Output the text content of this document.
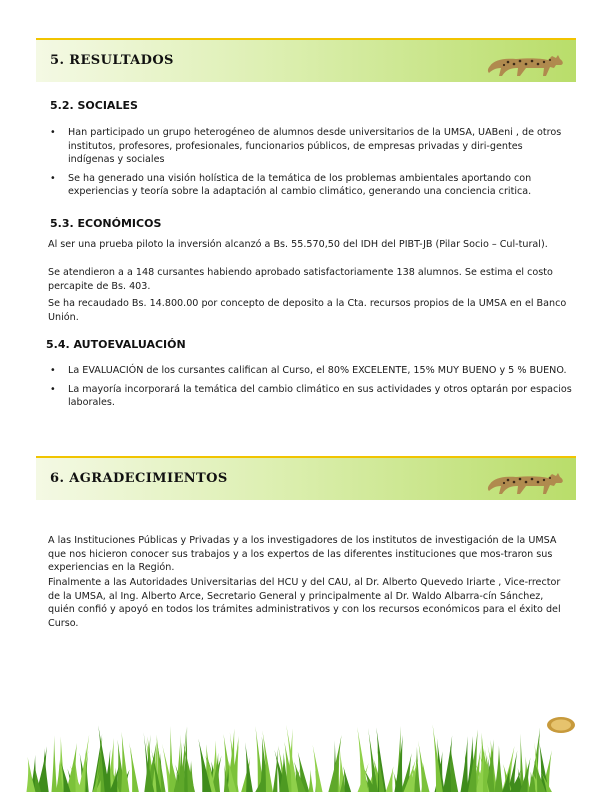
5. RESULTADOS
5.2. SOCIALES
• Han participado un grupo heterogéneo de alumnos desde universitarios de la UMSA, UABeni , de otros institutos, profesores, profesionales, funcionarios públicos, de empresas privadas y diri-gentes indígenas y sociales
• Se ha generado una visión holística de la temática de los problemas ambientales aportando con experiencias y teoría sobre la adaptación al cambio climático, generando una conciencia critica.
5.3. ECONÓMICOS
Al ser una prueba piloto la inversión alcanzó a Bs. 55.570,50 del IDH del PIBT-JB (Pilar Socio – Cul-tural).
Se atendieron a a 148 cursantes habiendo aprobado satisfactoriamente 138 alumnos. Se estima el costo percapite de Bs. 403.
Se ha recaudado Bs. 14.800.00 por concepto de deposito a la Cta. recursos propios de la UMSA en el Banco Unión.
5.4. AUTOEVALUACIÓN
• La EVALUACIÓN de los cursantes califican al Curso, el 80% EXCELENTE, 15% MUY BUENO y 5 % BUENO.
• La mayoría incorporará la temática del cambio climático en sus actividades y otros optarán por espacios laborales.
6. AGRADECIMIENTOS
A las Instituciones Públicas y Privadas y a los investigadores de los institutos de investigación de la UMSA que nos hicieron conocer sus trabajos y a los expertos de las diferentes instituciones que mos-traron sus experiencias en la Región.
Finalmente a las Autoridades Universitarias del HCU y del CAU, al Dr. Alberto Quevedo Iriarte , Vice-rrector de la UMSA, al Ing. Alberto Arce, Secretario General y principalmente al Dr. Waldo Albarra-cín Sánchez, quién confió y apoyó en todos los trámites administrativos y con los recursos económicos para el éxito del Curso.
